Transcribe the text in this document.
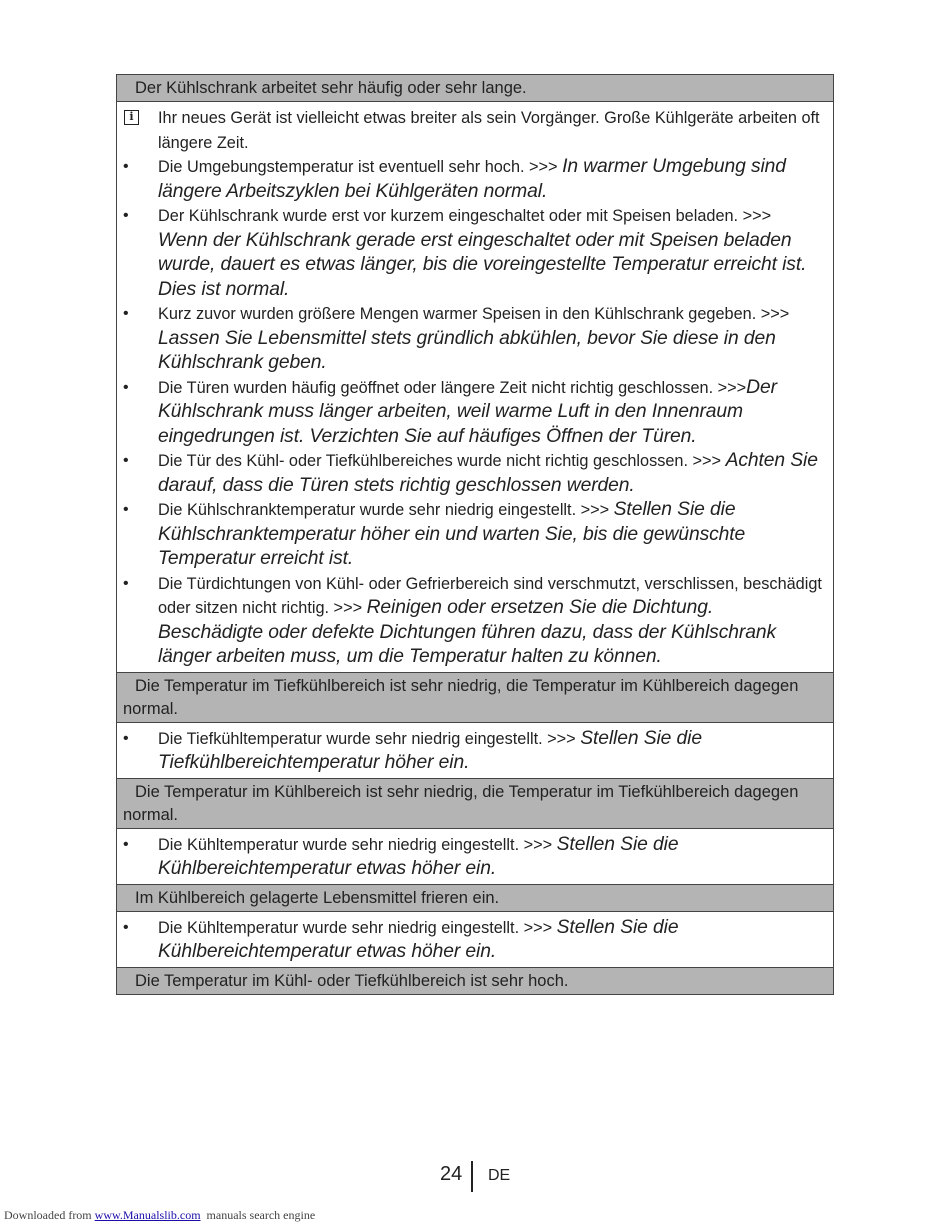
Der Kühlschrank arbeitet sehr häufig oder sehr lange.

i	Ihr neues Gerät ist vielleicht etwas breiter als sein Vorgänger. Große Kühlgeräte arbeiten oft längere Zeit.

• Die Umgebungstemperatur ist eventuell sehr hoch. >>> In warmer Umgebung sind längere Arbeitszyklen bei Kühlgeräten normal.

• Der Kühlschrank wurde erst vor kurzem eingeschaltet oder mit Speisen beladen. >>> Wenn der Kühlschrank gerade erst eingeschaltet oder mit Speisen beladen wurde, dauert es etwas länger, bis die voreingestellte Temperatur erreicht ist. Dies ist normal.

• Kurz zuvor wurden größere Mengen warmer Speisen in den Kühlschrank gegeben. >>> Lassen Sie Lebensmittel stets gründlich abkühlen, bevor Sie diese in den Kühlschrank geben.

• Die Türen wurden häufig geöffnet oder längere Zeit nicht richtig geschlossen. >>>Der Kühlschrank muss länger arbeiten, weil warme Luft in den Innenraum eingedrungen ist. Verzichten Sie auf häufiges Öffnen der Türen.

• Die Tür des Kühl- oder Tiefkühlbereiches wurde nicht richtig geschlossen. >>> Achten Sie darauf, dass die Türen stets richtig geschlossen werden.

• Die Kühlschranktemperatur wurde sehr niedrig eingestellt. >>> Stellen Sie die Kühlschranktemperatur höher ein und warten Sie, bis die gewünschte Temperatur erreicht ist.

• Die Türdichtungen von Kühl- oder Gefrierbereich sind verschmutzt, verschlissen, beschädigt oder sitzen nicht richtig. >>> Reinigen oder ersetzen Sie die Dichtung. Beschädigte oder defekte Dichtungen führen dazu, dass der Kühlschrank länger arbeiten muss, um die Temperatur halten zu können.

Die Temperatur im Tiefkühlbereich ist sehr niedrig, die Temperatur im Kühlbereich dagegen normal.

• Die Tiefkühltemperatur wurde sehr niedrig eingestellt. >>> Stellen Sie die Tiefkühlbereichtemperatur höher ein.

Die Temperatur im Kühlbereich ist sehr niedrig, die Temperatur im Tiefkühlbereich dagegen normal.

• Die Kühltemperatur wurde sehr niedrig eingestellt. >>> Stellen Sie die Kühlbereichtemperatur etwas höher ein.

Im Kühlbereich gelagerte Lebensmittel frieren ein.

• Die Kühltemperatur wurde sehr niedrig eingestellt. >>> Stellen Sie die Kühlbereichtemperatur etwas höher ein.

Die Temperatur im Kühl- oder Tiefkühlbereich ist sehr hoch.
24 DE
Downloaded from www.Manualslib.com  manuals search engine
